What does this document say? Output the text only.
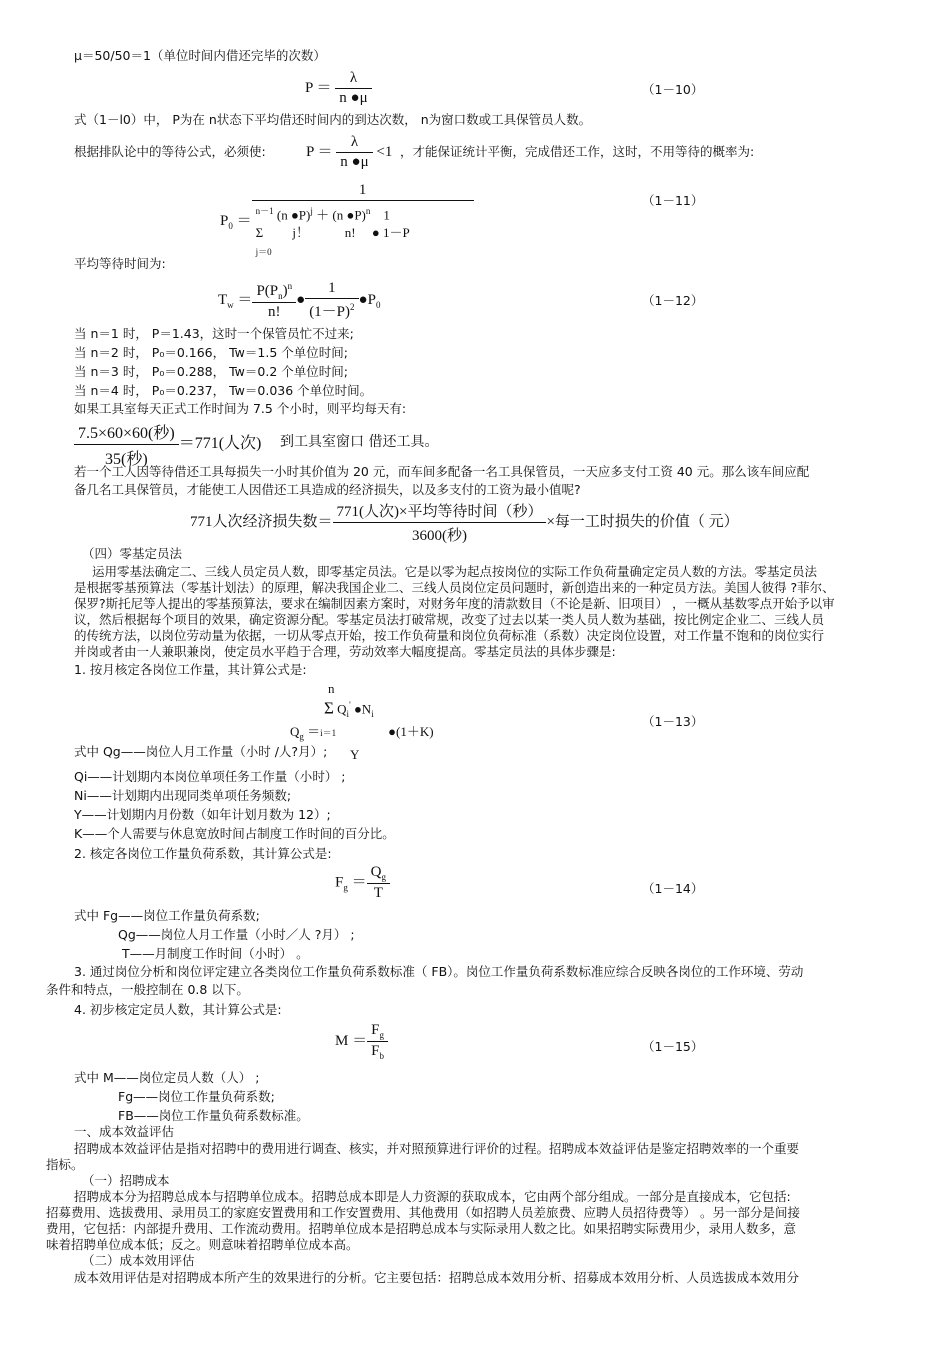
μ＝50/50＝1（单位时间内借还完毕的次数）
$P = \frac{\lambda}{n ●\mu}$	（1－10）
式（1－l0）中， P为在 n状态下平均借还时间内的到达次数， n为窗口数或工具保管员人数。
根据排队论中的等待公式，必须使:	$P = \frac{\lambda}{n ●\mu} <1$ ，才能保证统计平衡，完成借还工作，这时，不用等待的概率为:
$P_0$ ＝
1
$^{n-1}$ (n ●P)$^j$ ＋ (n ●P)$^n$    1
Σ         j！           n!     ● 1－P
j＝0
（1－11）
平均等待时间为:
$T_w = \frac{P(P_n)^n}{n!}$ ● $\frac{1}{(1-P)^2}$ $●P_0$	（1－12）
当 n＝1 时， P＝1.43，这时一个保管员忙不过来;
当 n＝2 时， P₀＝0.166， Tw＝1.5 个单位时间;
当 n＝3 时， P₀＝0.288， Tw＝0.2 个单位时间;
当 n＝4 时， P₀＝0.237， Tw＝0.036 个单位时间。
如果工具室每天正式工作时间为 7.5 个小时，则平均每天有:
$\frac{\text{7.5×60×60(秒)}}{\text{35(秒)}} =771$(人次) 到工具室窗口 借还工具。
若一个工人因等待借还工具每损失一小时其价值为 20 元，而车间多配备一名工具保管员，一天应多支付工资 40 元。那么该车间应配
备几名工具保管员，才能使工人因借还工具造成的经济损失，以及多支付的工资为最小值呢?
771人次经济损失数＝ $\frac{\text{771(人次)×平均等待时间（秒）}}{\text{3600(秒)}}$ ×每一工时损失的价值（ 元）
（四）零基定员法
运用零基法确定二、三线人员定员人数，即零基定员法。它是以零为起点按岗位的实际工作负荷量确定定员人数的方法。零基定员法
是根据零基预算法（零基计划法）的原理，解决我国企业二、三线人员岗位定员问题时，新创造出来的一种定员方法。美国人彼得 ?菲尔、
保罗?斯托尼等人提出的零基预算法，要求在编制因素方案时，对财务年度的清款数目（不论是新、旧项目） ，一概从基数零点开始予以审
议，然后根据每个项目的效果，确定资源分配。零基定员法打破常规，改变了过去以某一类人员人数为基础，按比例定企业二、三线人员
的传统方法，以岗位劳动量为依据，一切从零点开始，按工作负荷量和岗位负荷标准（系数）决定岗位设置，对工作量不饱和的岗位实行
并岗或者由一人兼职兼岗，使定员水平趋于合理，劳动效率大幅度提高。零基定员法的具体步骤是:
1. 按月核定各岗位工作量，其计算公式是:
n
Σ $Q_i'$ $●N_i$
$Q_g =i=1$                ●(1＋K)
Y
（1－13）
式中 Qg——岗位人月工作量（小时 /人?月）;
Qi——计划期内本岗位单项任务工作量（小时） ;
Ni——计划期内出现同类单项任务频数;
Y——计划期内月份数（如年计划月数为 12）;
K——个人需要与休息宽放时间占制度工作时间的百分比。
2. 核定各岗位工作量负荷系数，其计算公式是:
$F_g = \frac{Q_g}{T}$	（1－14）
式中 Fg——岗位工作量负荷系数;
Qg——岗位人月工作量（小时／人 ?月） ;
T——月制度工作时间（小时） 。
3. 通过岗位分析和岗位评定建立各类岗位工作量负荷系数标准（ FB）。岗位工作量负荷系数标准应综合反映各岗位的工作环境、劳动
条件和特点，一般控制在 0.8 以下。
4. 初步核定定员人数，其计算公式是:
$M = \frac{F_g}{F_b}$	（1－15）
式中 M——岗位定员人数（人） ;
Fg——岗位工作量负荷系数;
FB——岗位工作量负荷系数标准。
一、成本效益评估
招聘成本效益评估是指对招聘中的费用进行调查、核实，并对照预算进行评价的过程。招聘成本效益评估是鉴定招聘效率的一个重要
指标。
（一）招聘成本
招聘成本分为招聘总成本与招聘单位成本。招聘总成本即是人力资源的获取成本，它由两个部分组成。一部分是直接成本，它包括:
招募费用、选拔费用、录用员工的家庭安置费用和工作安置费用、其他费用（如招聘人员差旅费、应聘人员招待费等） 。另一部分是间接
费用，它包括：内部提升费用、工作流动费用。招聘单位成本是招聘总成本与实际录用人数之比。如果招聘实际费用少，录用人数多，意
味着招聘单位成本低；反之。则意味着招聘单位成本高。
（二）成本效用评估
成本效用评估是对招聘成本所产生的效果进行的分析。它主要包括：招聘总成本效用分析、招募成本效用分析、人员选拔成本效用分
